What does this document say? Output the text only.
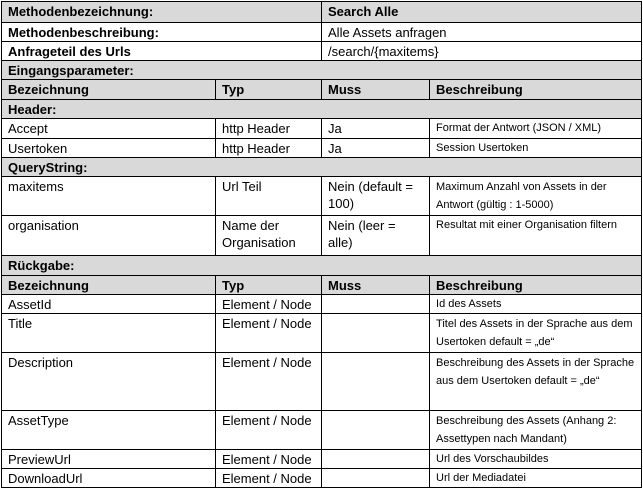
Methodenbezeichnung:		Search Alle	
Methodenbeschreibung:		Alle Assets anfragen	
Anfrageteil des Urls		/search/{maxitems}	
Eingangsparameter:			
Bezeichnung	Typ	Muss	Beschreibung
Header:			
Accept	http Header	Ja	Format der Antwort (JSON / XML)
Usertoken	http Header	Ja	Session Usertoken
QueryString:			
maxitems	Url Teil	Nein (default = 100)	Maximum Anzahl von Assets in der Antwort (gültig : 1-5000)
organisation	Name der Organisation	Nein (leer = alle)	Resultat mit einer Organisation filtern
Rückgabe:			
Bezeichnung	Typ	Muss	Beschreibung
AssetId	Element / Node		Id des Assets
Title	Element / Node		Titel des Assets in der Sprache aus dem Usertoken default = „de“
Description	Element / Node		Beschreibung des Assets in der Sprache aus dem Usertoken default = „de“
AssetType	Element / Node		Beschreibung des Assets (Anhang 2: Assettypen nach Mandant)
PreviewUrl	Element / Node		Url des Vorschaubildes
DownloadUrl	Element / Node		Url der Mediadatei
